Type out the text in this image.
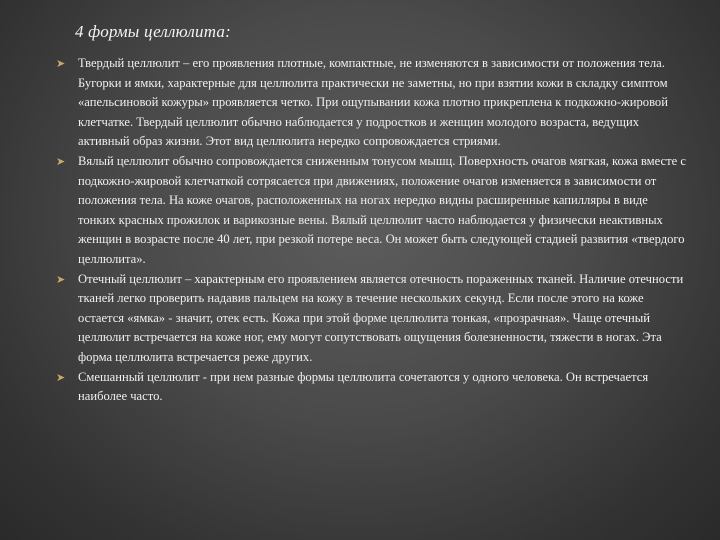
4 формы целлюлита:
➤ Твердый целлюлит – его проявления плотные, компактные, не изменяются в зависимости от положения тела. Бугорки и ямки, характерные для целлюлита практически не заметны, но при взятии кожи в складку симптом «апельсиновой кожуры» проявляется четко. При ощупывании кожа плотно прикреплена к подкожно-жировой клетчатке. Твердый целлюлит обычно наблюдается у подростков и женщин молодого возраста, ведущих активный образ жизни. Этот вид целлюлита нередко сопровождается стриями.
➤ Вялый целлюлит обычно сопровождается сниженным тонусом мышц. Поверхность очагов мягкая, кожа вместе с подкожно-жировой клетчаткой сотрясается при движениях, положение очагов изменяется в зависимости от положения тела. На коже очагов, расположенных на ногах нередко видны расширенные капилляры в виде тонких красных прожилок и варикозные вены. Вялый целлюлит часто наблюдается у физически неактивных женщин в возрасте после 40 лет, при резкой потере веса. Он может быть следующей стадией развития «твердого целлюлита».
➤ Отечный целлюлит – характерным его проявлением является отечность пораженных тканей. Наличие отечности тканей легко проверить надавив пальцем на кожу в течение нескольких секунд. Если после этого на коже остается «ямка» - значит, отек есть. Кожа при этой форме целлюлита тонкая, «прозрачная». Чаще отечный целлюлит встречается на коже ног, ему могут сопутствовать ощущения болезненности, тяжести в ногах. Эта форма целлюлита встречается реже других.
➤ Смешанный целлюлит - при нем разные формы целлюлита сочетаются у одного человека. Он встречается наиболее часто.
